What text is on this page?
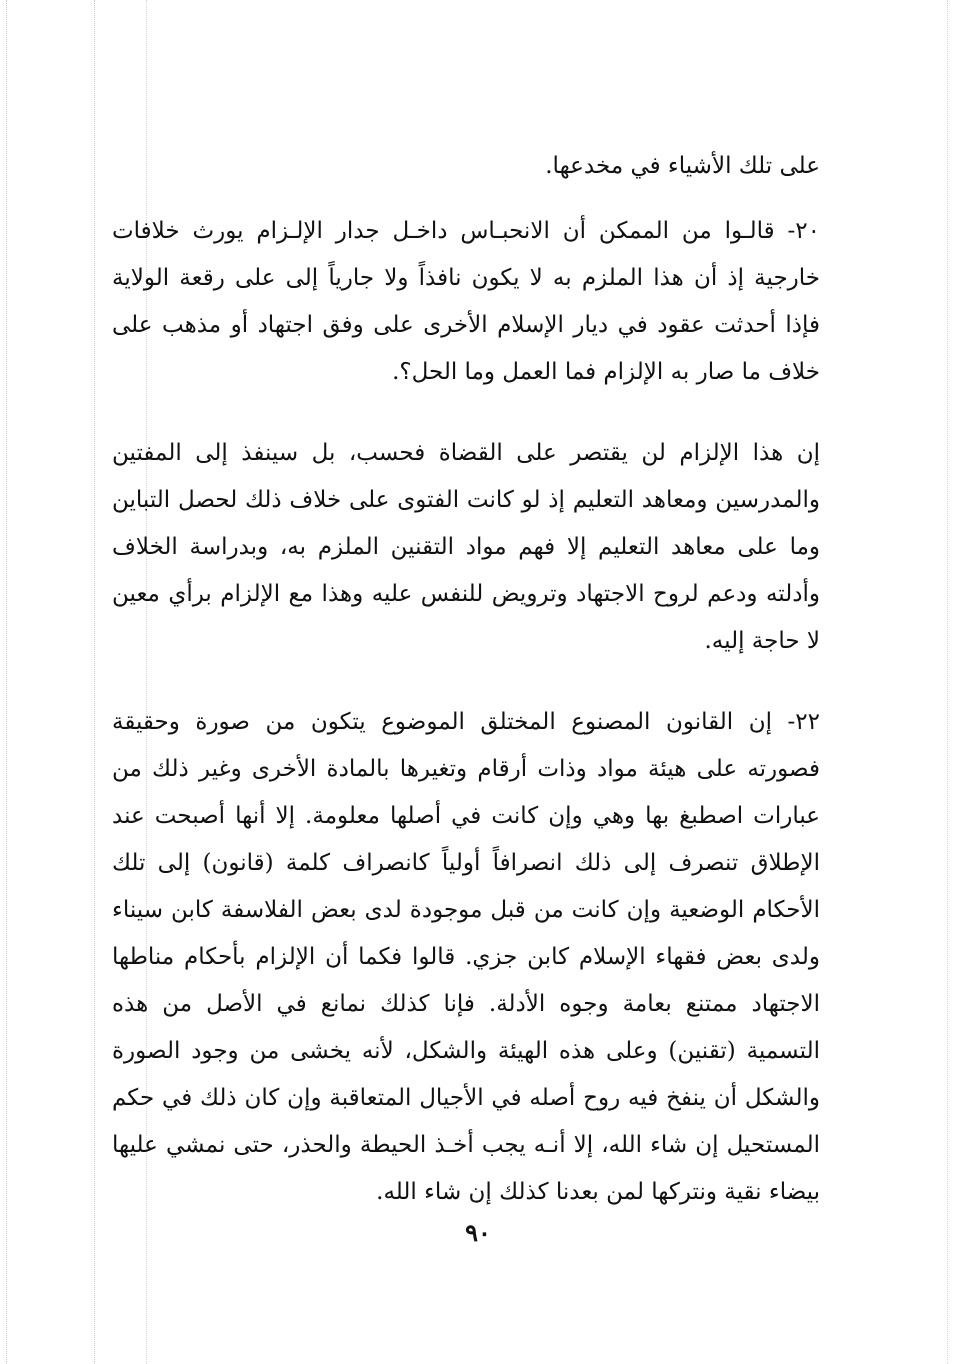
على تلك الأشياء في مخدعها.

٢٠- قالـوا من الممكن أن الانحبـاس داخـل جدار الإلـزام يورث خلافات خارجية إذ أن هذا الملزم به لا يكون نافذاً ولا جارياً إلى على رقعة الولاية فإذا أحدثت عقود في ديار الإسلام الأخرى على وفق اجتهاد أو مذهب على خلاف ما صار به الإلزام فما العمل وما الحل؟.

إن هذا الإلزام لن يقتصر على القضاة فحسب، بل سينفذ إلى المفتين والمدرسين ومعاهد التعليم إذ لو كانت الفتوى على خلاف ذلك لحصل التباين وما على معاهد التعليم إلا فهم مواد التقنين الملزم به، وبدراسة الخلاف وأدلته ودعم لروح الاجتهاد وترويض للنفس عليه وهذا مع الإلزام برأي معين لا حاجة إليه.

٢٢- إن القانون المصنوع المختلق الموضوع يتكون من صورة وحقيقة فصورته على هيئة مواد وذات أرقام وتغيرها بالمادة الأخرى وغير ذلك من عبارات اصطبغ بها وهي وإن كانت في أصلها معلومة. إلا أنها أصبحت عند الإطلاق تنصرف إلى ذلك انصرافاً أولياً كانصراف كلمة (قانون) إلى تلك الأحكام الوضعية وإن كانت من قبل موجودة لدى بعض الفلاسفة كابن سيناء ولدى بعض فقهاء الإسلام كابن جزي. قالوا فكما أن الإلزام بأحكام مناطها الاجتهاد ممتنع بعامة وجوه الأدلة. فإنا كذلك نمانع في الأصل من هذه التسمية (تقنين) وعلى هذه الهيئة والشكل، لأنه يخشى من وجود الصورة والشكل أن ينفخ فيه روح أصله في الأجيال المتعاقبة وإن كان ذلك في حكم المستحيل إن شاء الله، إلا أنـه يجب أخـذ الحيطة والحذر، حتى نمشي عليها بيضاء نقية ونتركها لمن بعدنا كذلك إن شاء الله.

٩٠
